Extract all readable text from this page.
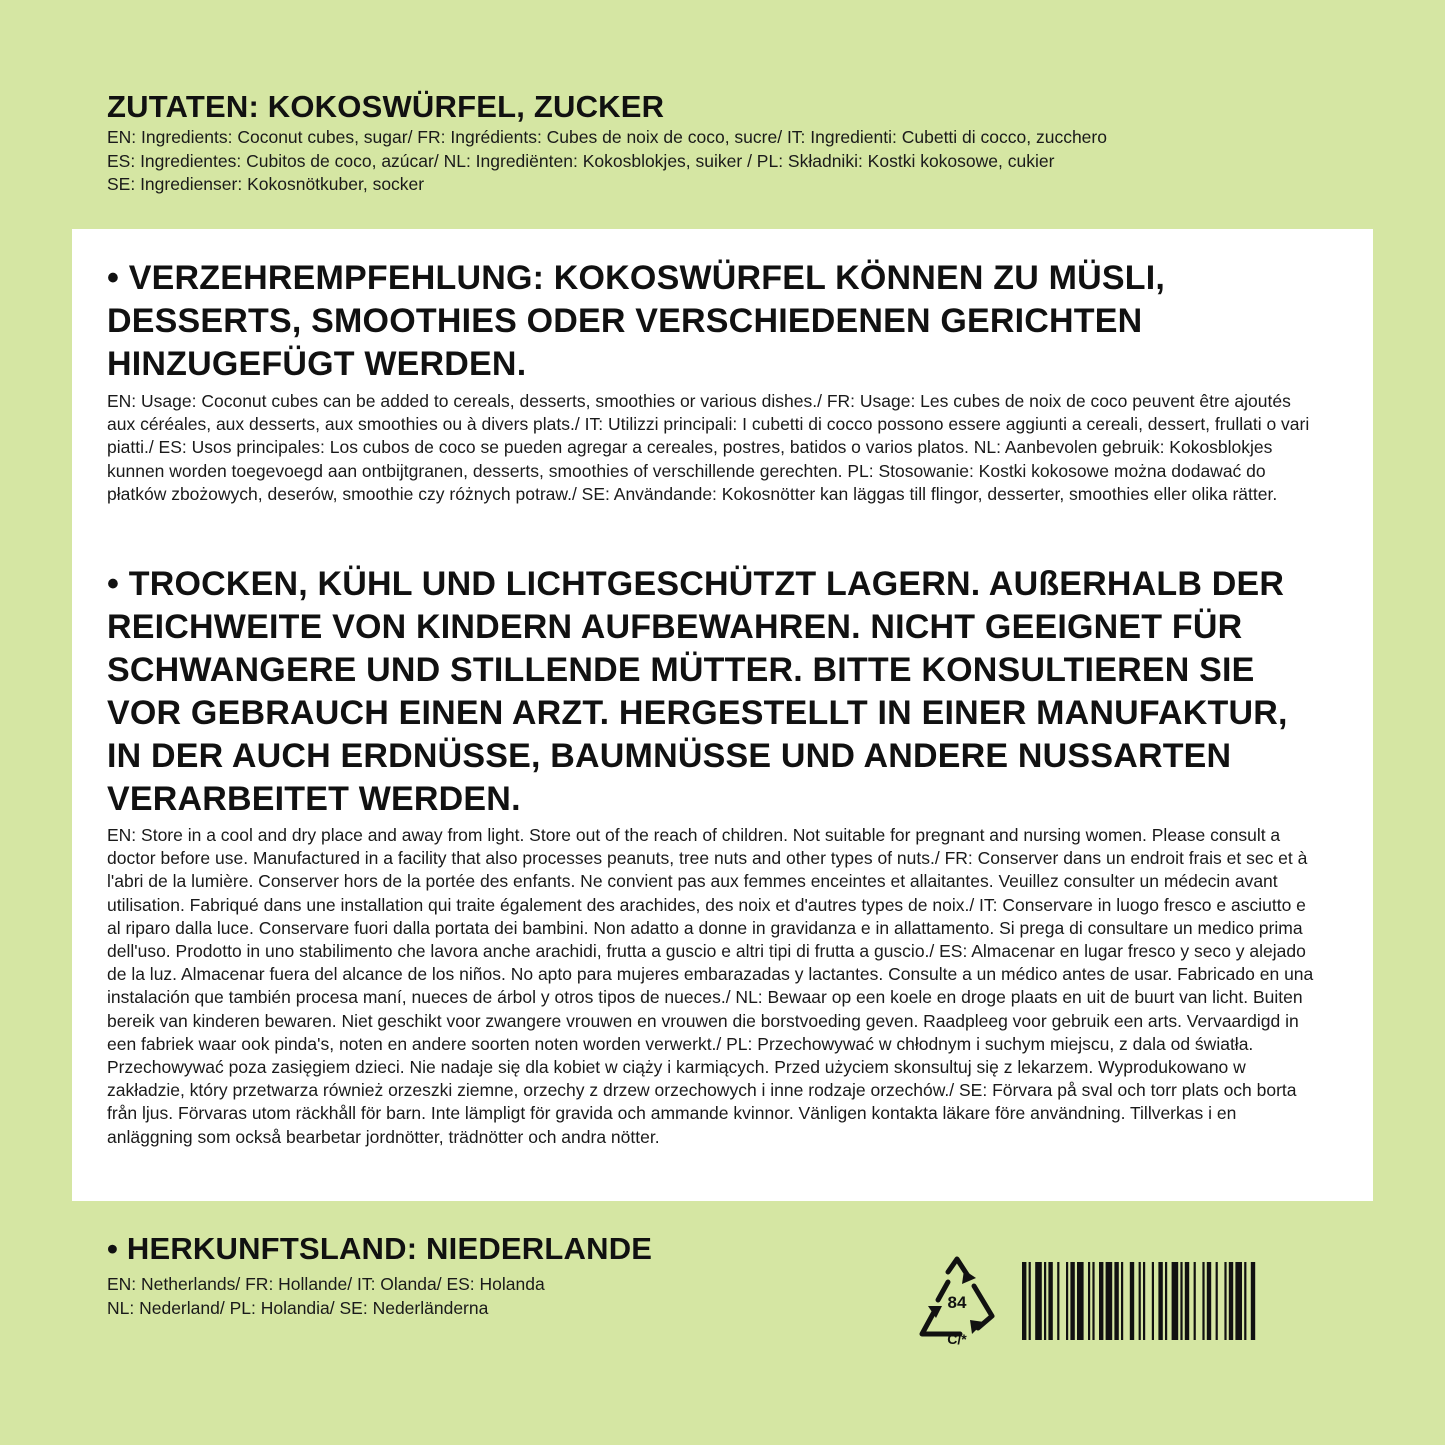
ZUTATEN: KOKOSWÜRFEL, ZUCKER
EN: Ingredients: Coconut cubes, sugar/ FR: Ingrédients: Cubes de noix de coco, sucre/ IT: Ingredienti: Cubetti di cocco, zucchero
ES: Ingredientes: Cubitos de coco, azúcar/ NL: Ingrediënten: Kokosblokjes, suiker / PL: Składniki: Kostki kokosowe, cukier
SE: Ingredienser: Kokosnötkuber, socker
• VERZEHREMPFEHLUNG: KOKOSWÜRFEL KÖNNEN ZU MÜSLI, DESSERTS, SMOOTHIES ODER VERSCHIEDENEN GERICHTEN HINZUGEFÜGT WERDEN.
EN: Usage: Coconut cubes can be added to cereals, desserts, smoothies or various dishes./ FR: Usage: Les cubes de noix de coco peuvent être ajoutés aux céréales, aux desserts, aux smoothies ou à divers plats./ IT: Utilizzi principali: I cubetti di cocco possono essere aggiunti a cereali, dessert, frullati o vari piatti./ ES: Usos principales: Los cubos de coco se pueden agregar a cereales, postres, batidos o varios platos. NL: Aanbevolen gebruik: Kokosblokjes kunnen worden toegevoegd aan ontbijtgranen, desserts, smoothies of verschillende gerechten. PL: Stosowanie: Kostki kokosowe można dodawać do płatków zbożowych, deserów, smoothie czy różnych potraw./ SE: Användande: Kokosnötter kan läggas till flingor, desserter, smoothies eller olika rätter.
• TROCKEN, KÜHL UND LICHTGESCHÜTZT LAGERN. AUßERHALB DER REICHWEITE VON KINDERN AUFBEWAHREN. NICHT GEEIGNET FÜR SCHWANGERE UND STILLENDE MÜTTER. BITTE KONSULTIEREN SIE VOR GEBRAUCH EINEN ARZT. HERGESTELLT IN EINER MANUFAKTUR, IN DER AUCH ERDNÜSSE, BAUMNÜSSE UND ANDERE NUSSARTEN VERARBEITET WERDEN.
EN: Store in a cool and dry place and away from light. Store out of the reach of children. Not suitable for pregnant and nursing women. Please consult a doctor before use. Manufactured in a facility that also processes peanuts, tree nuts and other types of nuts./ FR: Conserver dans un endroit frais et sec et à l'abri de la lumière. Conserver hors de la portée des enfants. Ne convient pas aux femmes enceintes et allaitantes. Veuillez consulter un médecin avant utilisation. Fabriqué dans une installation qui traite également des arachides, des noix et d'autres types de noix./ IT: Conservare in luogo fresco e asciutto e al riparo dalla luce. Conservare fuori dalla portata dei bambini. Non adatto a donne in gravidanza e in allattamento. Si prega di consultare un medico prima dell'uso. Prodotto in uno stabilimento che lavora anche arachidi, frutta a guscio e altri tipi di frutta a guscio./ ES: Almacenar en lugar fresco y seco y alejado de la luz. Almacenar fuera del alcance de los niños. No apto para mujeres embarazadas y lactantes. Consulte a un médico antes de usar. Fabricado en una instalación que también procesa maní, nueces de árbol y otros tipos de nueces./ NL: Bewaar op een koele en droge plaats en uit de buurt van licht. Buiten bereik van kinderen bewaren. Niet geschikt voor zwangere vrouwen en vrouwen die borstvoeding geven. Raadpleeg voor gebruik een arts. Vervaardigd in een fabriek waar ook pinda's, noten en andere soorten noten worden verwerkt./ PL: Przechowywać w chłodnym i suchym miejscu, z dala od światła. Przechowywać poza zasięgiem dzieci. Nie nadaje się dla kobiet w ciąży i karmiących. Przed użyciem skonsultuj się z lekarzem. Wyprodukowano w zakładzie, który przetwarza również orzeszki ziemne, orzechy z drzew orzechowych i inne rodzaje orzechów./ SE: Förvara på sval och torr plats och borta från ljus. Förvaras utom räckhåll för barn. Inte lämpligt för gravida och ammande kvinnor. Vänligen kontakta läkare före användning. Tillverkas i en anläggning som också bearbetar jordnötter, trädnötter och andra nötter.
• HERKUNFTSLAND: NIEDERLANDE
EN: Netherlands/ FR: Hollande/ IT: Olanda/ ES: Holanda
NL: Nederland/ PL: Holandia/ SE: Nederländerna	84
C/*
